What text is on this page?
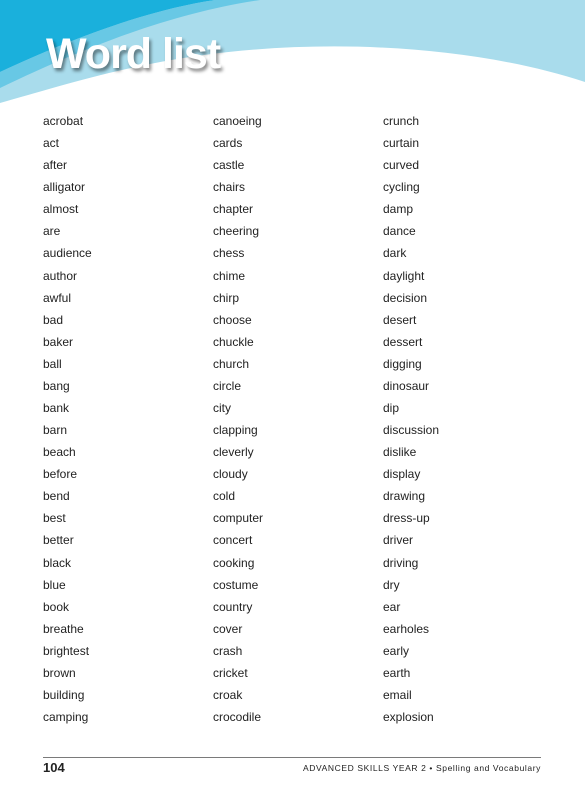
Word list
acrobat
act
after
alligator
almost
are
audience
author
awful
bad
baker
ball
bang
bank
barn
beach
before
bend
best
better
black
blue
book
breathe
brightest
brown
building
camping
canoeing
cards
castle
chairs
chapter
cheering
chess
chime
chirp
choose
chuckle
church
circle
city
clapping
cleverly
cloudy
cold
computer
concert
cooking
costume
country
cover
crash
cricket
croak
crocodile
crunch
curtain
curved
cycling
damp
dance
dark
daylight
decision
desert
dessert
digging
dinosaur
dip
discussion
dislike
display
drawing
dress-up
driver
driving
dry
ear
earholes
early
earth
email
explosion
104	ADVANCED SKILLS YEAR 2 • Spelling and Vocabulary
